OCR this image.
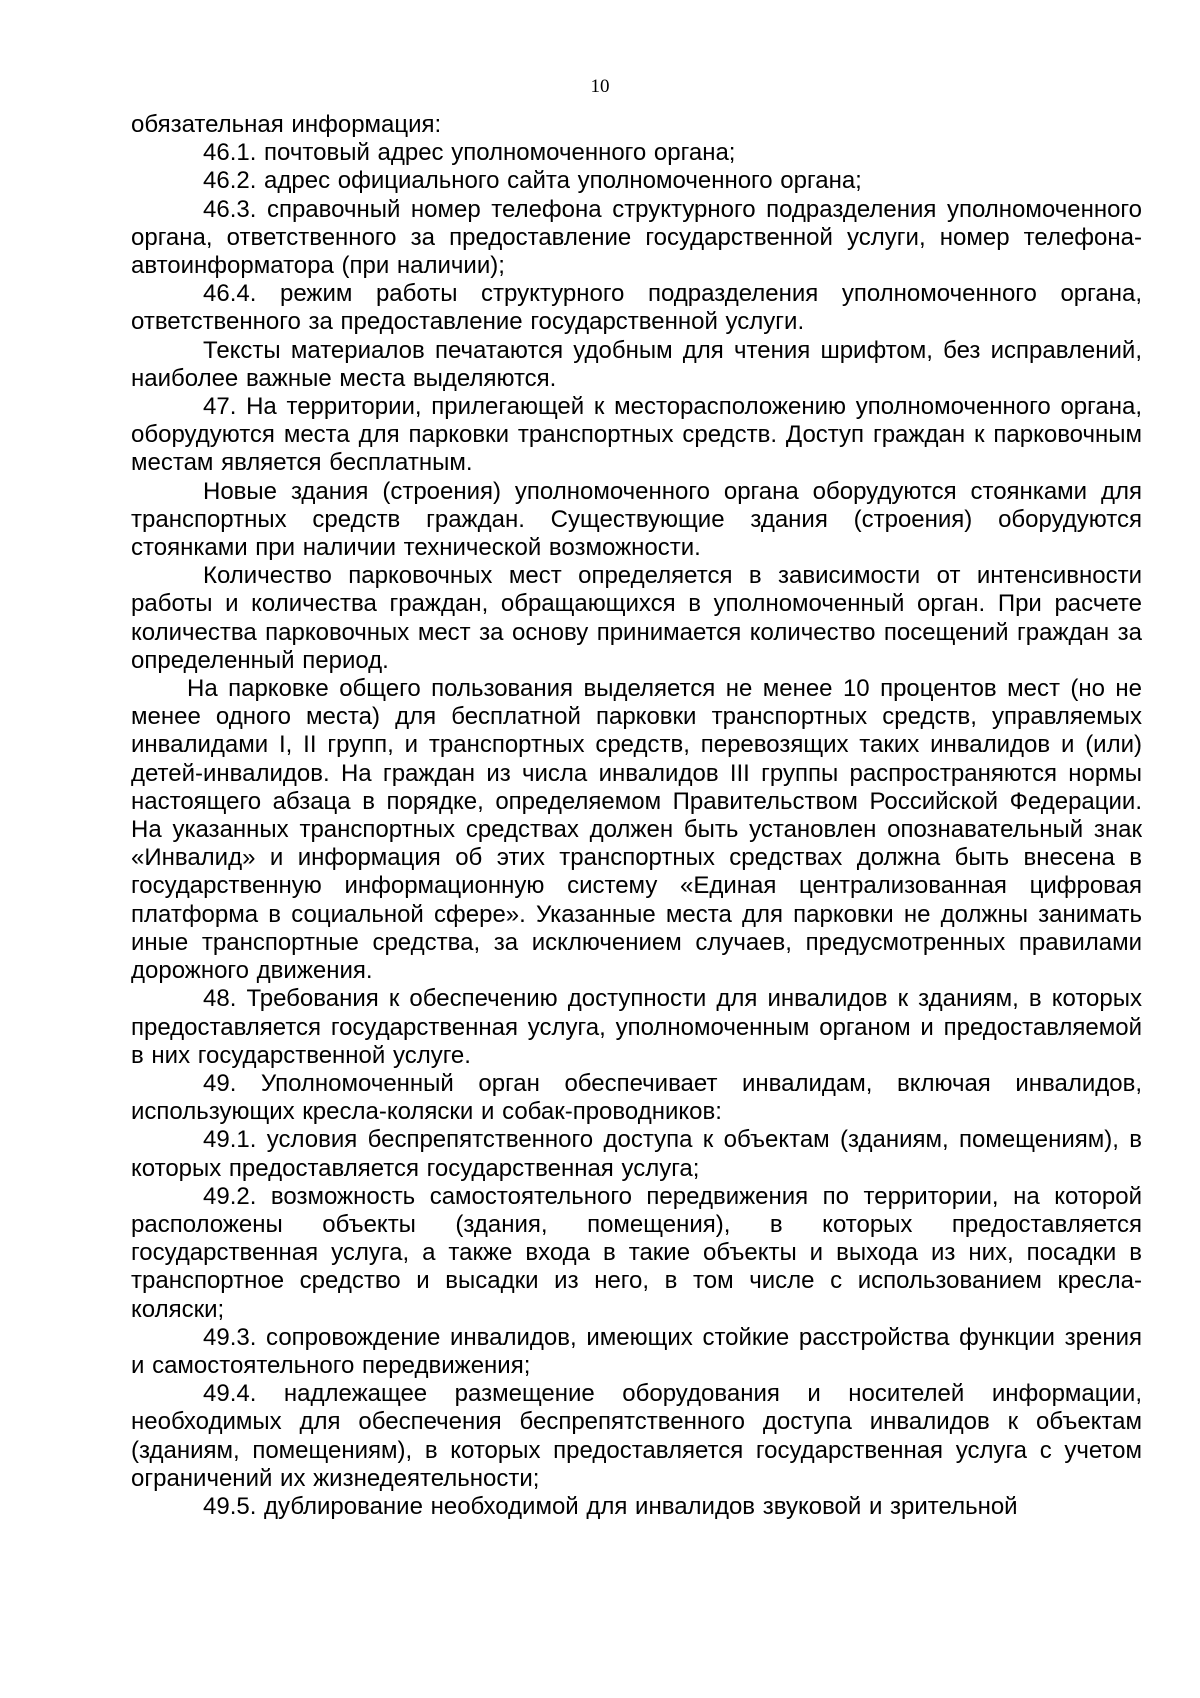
10

обязательная информация:

46.1. почтовый адрес уполномоченного органа;

46.2. адрес официального сайта уполномоченного органа;

46.3. справочный номер телефона структурного подразделения уполномоченного органа, ответственного за предоставление государственной услуги, номер телефона-автоинформатора (при наличии);

46.4. режим работы структурного подразделения уполномоченного органа, ответственного за предоставление государственной услуги.

Тексты материалов печатаются удобным для чтения шрифтом, без исправлений, наиболее важные места выделяются.

47. На территории, прилегающей к месторасположению уполномоченного органа, оборудуются места для парковки транспортных средств. Доступ граждан к парковочным местам является бесплатным.

Новые здания (строения) уполномоченного органа оборудуются стоянками для транспортных средств граждан. Существующие здания (строения) оборудуются стоянками при наличии технической возможности.

Количество парковочных мест определяется в зависимости от интенсивности работы и количества граждан, обращающихся в уполномоченный орган. При расчете количества парковочных мест за основу принимается количество посещений граждан за определенный период.

На парковке общего пользования выделяется не менее 10 процентов мест (но не менее одного места) для бесплатной парковки транспортных средств, управляемых инвалидами I, II групп, и транспортных средств, перевозящих таких инвалидов и (или) детей-инвалидов. На граждан из числа инвалидов III группы распространяются нормы настоящего абзаца в порядке, определяемом Правительством Российской Федерации. На указанных транспортных средствах должен быть установлен опознавательный знак «Инвалид» и информация об этих транспортных средствах должна быть внесена в государственную информационную систему «Единая централизованная цифровая платформа в социальной сфере». Указанные места для парковки не должны занимать иные транспортные средства, за исключением случаев, предусмотренных правилами дорожного движения.

48. Требования к обеспечению доступности для инвалидов к зданиям, в которых предоставляется государственная услуга, уполномоченным органом и предоставляемой в них государственной услуге.

49. Уполномоченный орган обеспечивает инвалидам, включая инвалидов, использующих кресла-коляски и собак-проводников:

49.1. условия беспрепятственного доступа к объектам (зданиям, помещениям), в которых предоставляется государственная услуга;

49.2. возможность самостоятельного передвижения по территории, на которой расположены объекты (здания, помещения), в которых предоставляется государственная услуга, а также входа в такие объекты и выхода из них, посадки в транспортное средство и высадки из него, в том числе с использованием кресла-коляски;

49.3. сопровождение инвалидов, имеющих стойкие расстройства функции зрения и самостоятельного передвижения;

49.4. надлежащее размещение оборудования и носителей информации, необходимых для обеспечения беспрепятственного доступа инвалидов к объектам (зданиям, помещениям), в которых предоставляется государственная услуга с учетом ограничений их жизнедеятельности;

49.5. дублирование необходимой для инвалидов звуковой и зрительной
